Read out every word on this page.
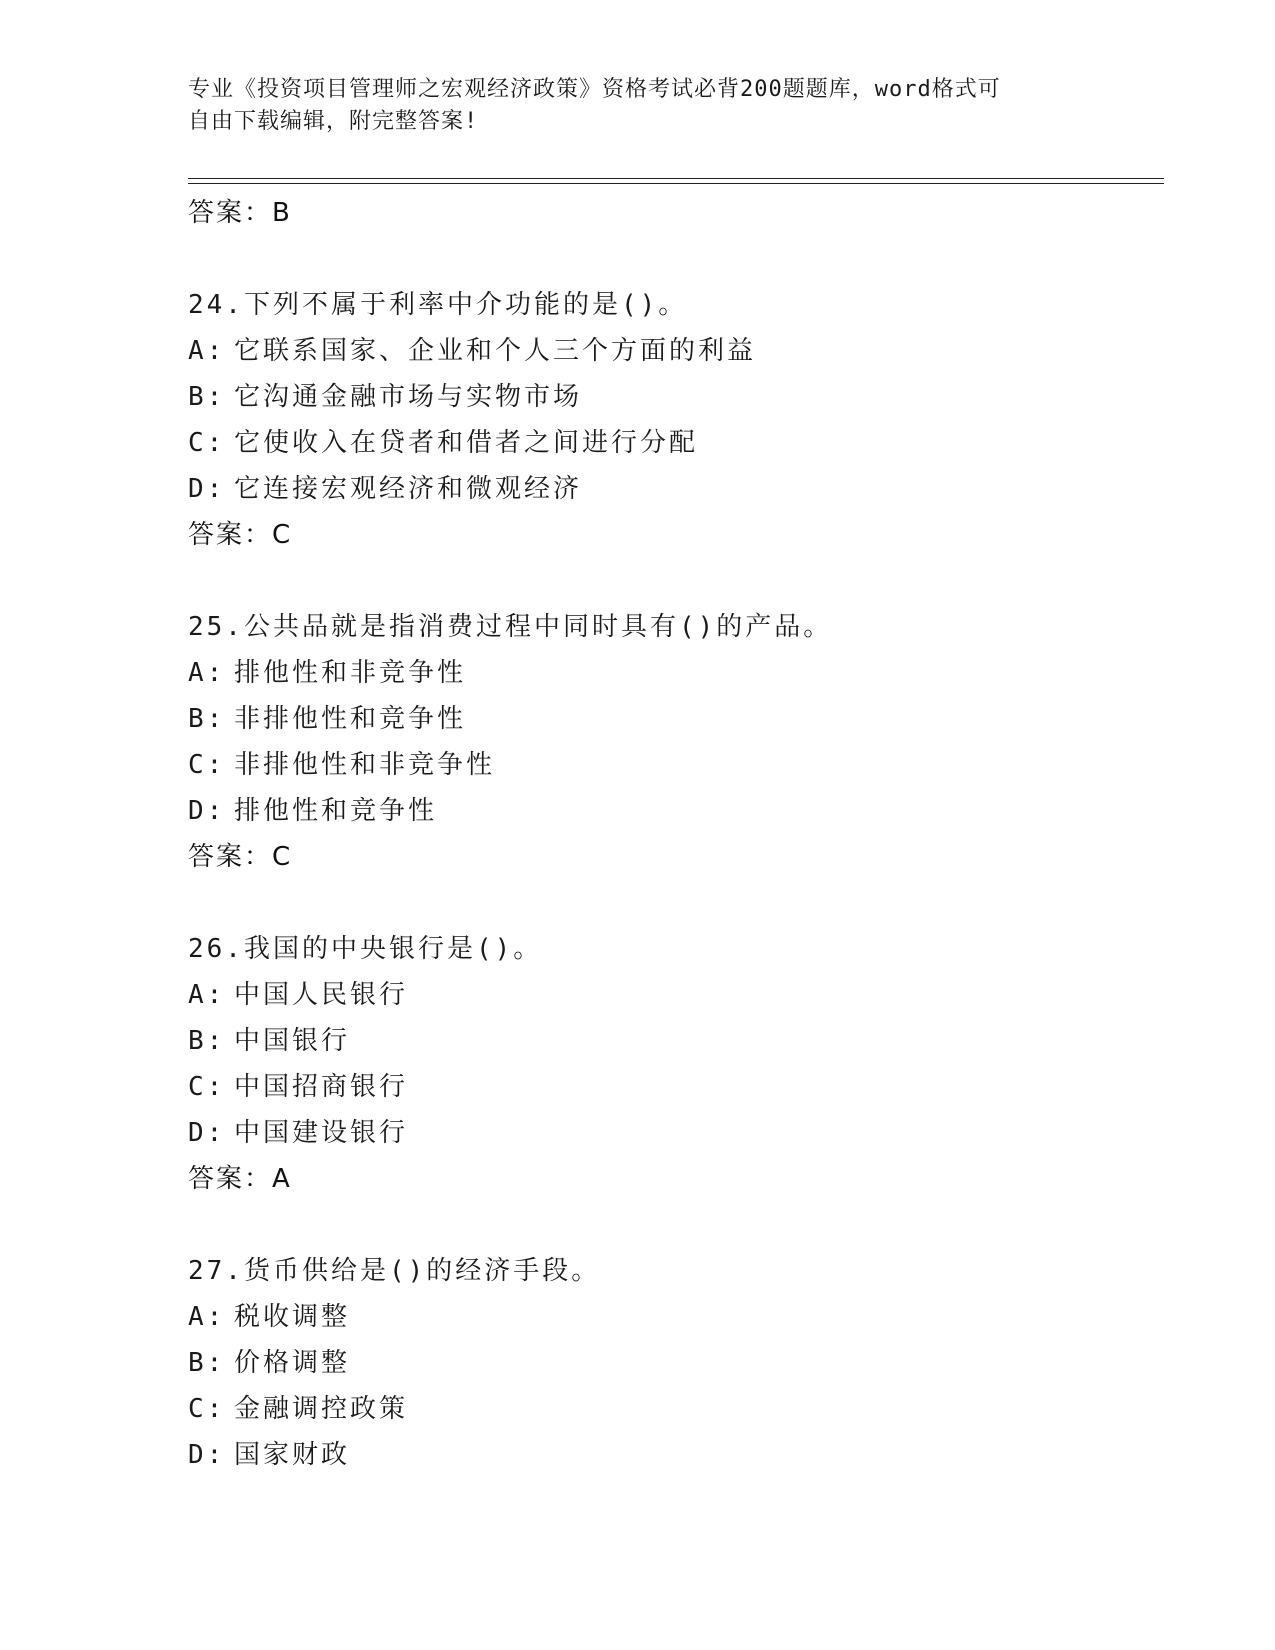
专业《投资项目管理师之宏观经济政策》资格考试必背200题题库，word格式可
自由下载编辑，附完整答案!
答案：B
24.下列不属于利率中介功能的是()。
A: 它联系国家、企业和个人三个方面的利益
B: 它沟通金融市场与实物市场
C: 它使收入在贷者和借者之间进行分配
D: 它连接宏观经济和微观经济
答案：C
25.公共品就是指消费过程中同时具有()的产品。
A: 排他性和非竞争性
B: 非排他性和竞争性
C: 非排他性和非竞争性
D: 排他性和竞争性
答案：C
26.我国的中央银行是()。
A: 中国人民银行
B: 中国银行
C: 中国招商银行
D: 中国建设银行
答案：A
27.货币供给是()的经济手段。
A: 税收调整
B: 价格调整
C: 金融调控政策
D: 国家财政
